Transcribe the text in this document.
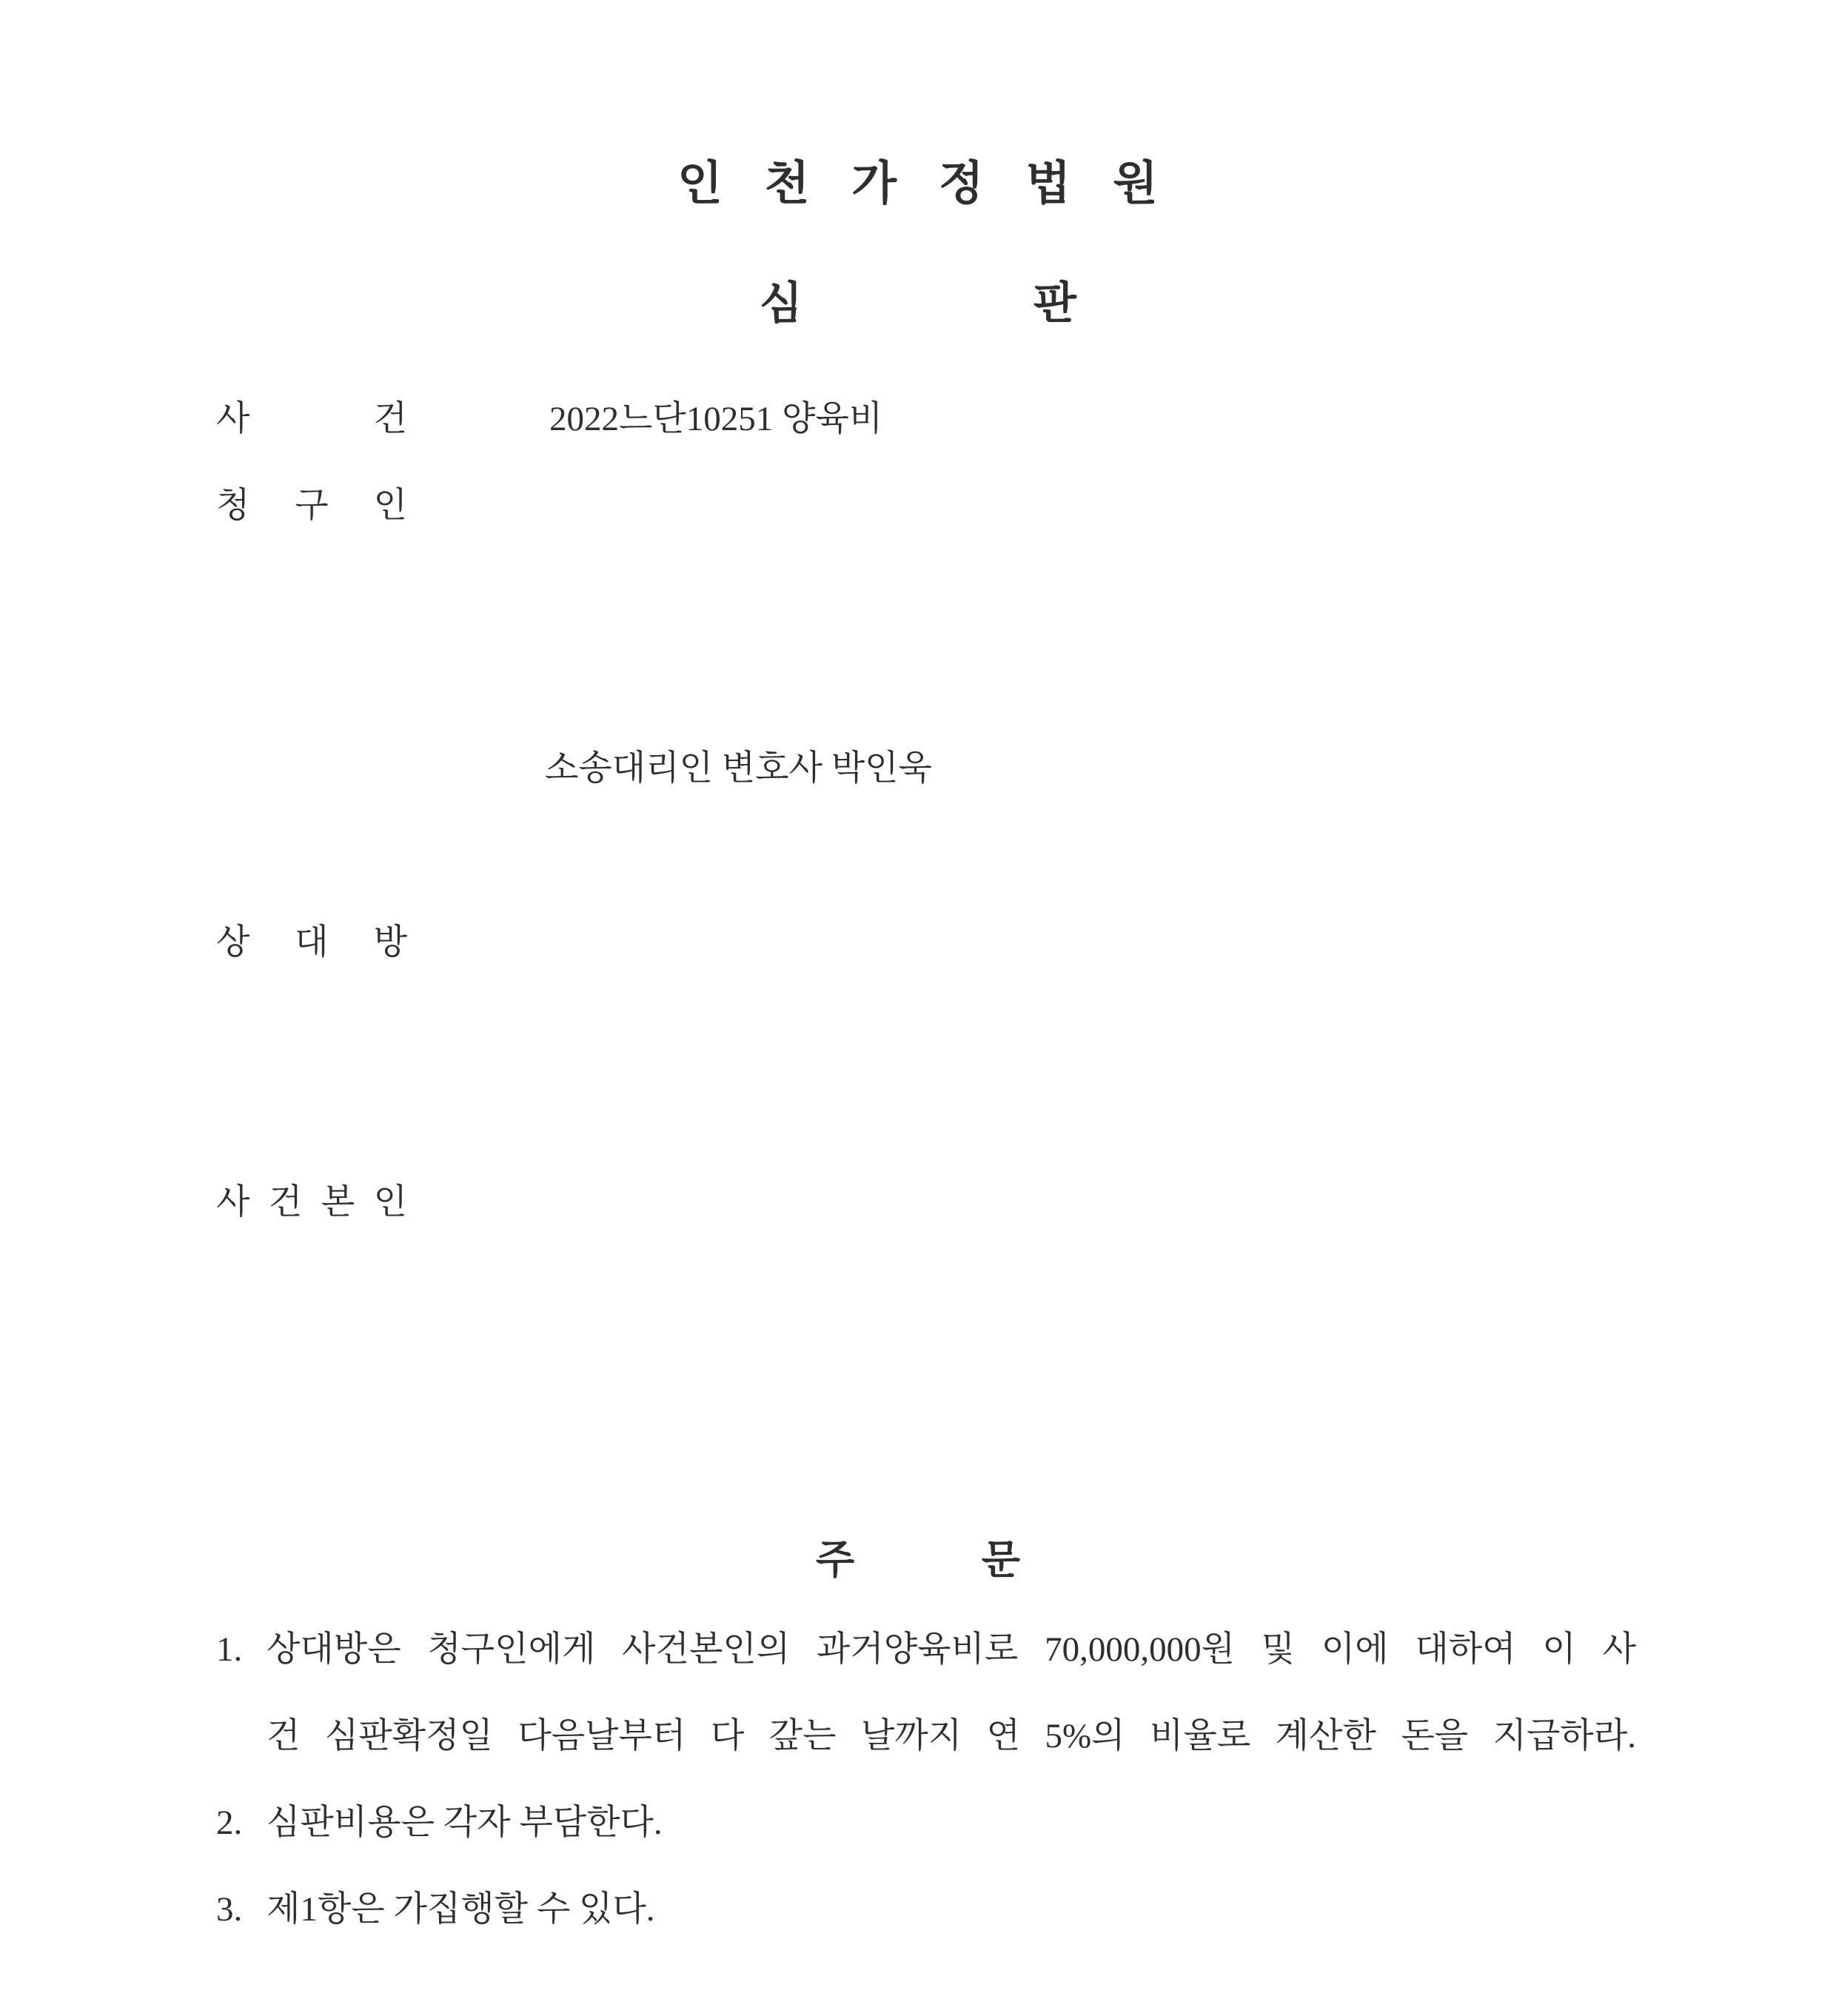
인 천 가 정 법 원
심 판
사 건	2022느단10251 양육비
청 구 인
소송대리인 변호사 박인욱
상 대 방
사 건 본 인
주 문
1. 상대방은 청구인에게 사건본인의 과거양육비로 70,000,000원 및 이에 대하여 이 사
건 심판확정일 다음날부터 다 갚는 날까지 연 5%의 비율로 계산한 돈을 지급하라.
2. 심판비용은 각자 부담한다.
3. 제1항은 가집행할 수 있다.
